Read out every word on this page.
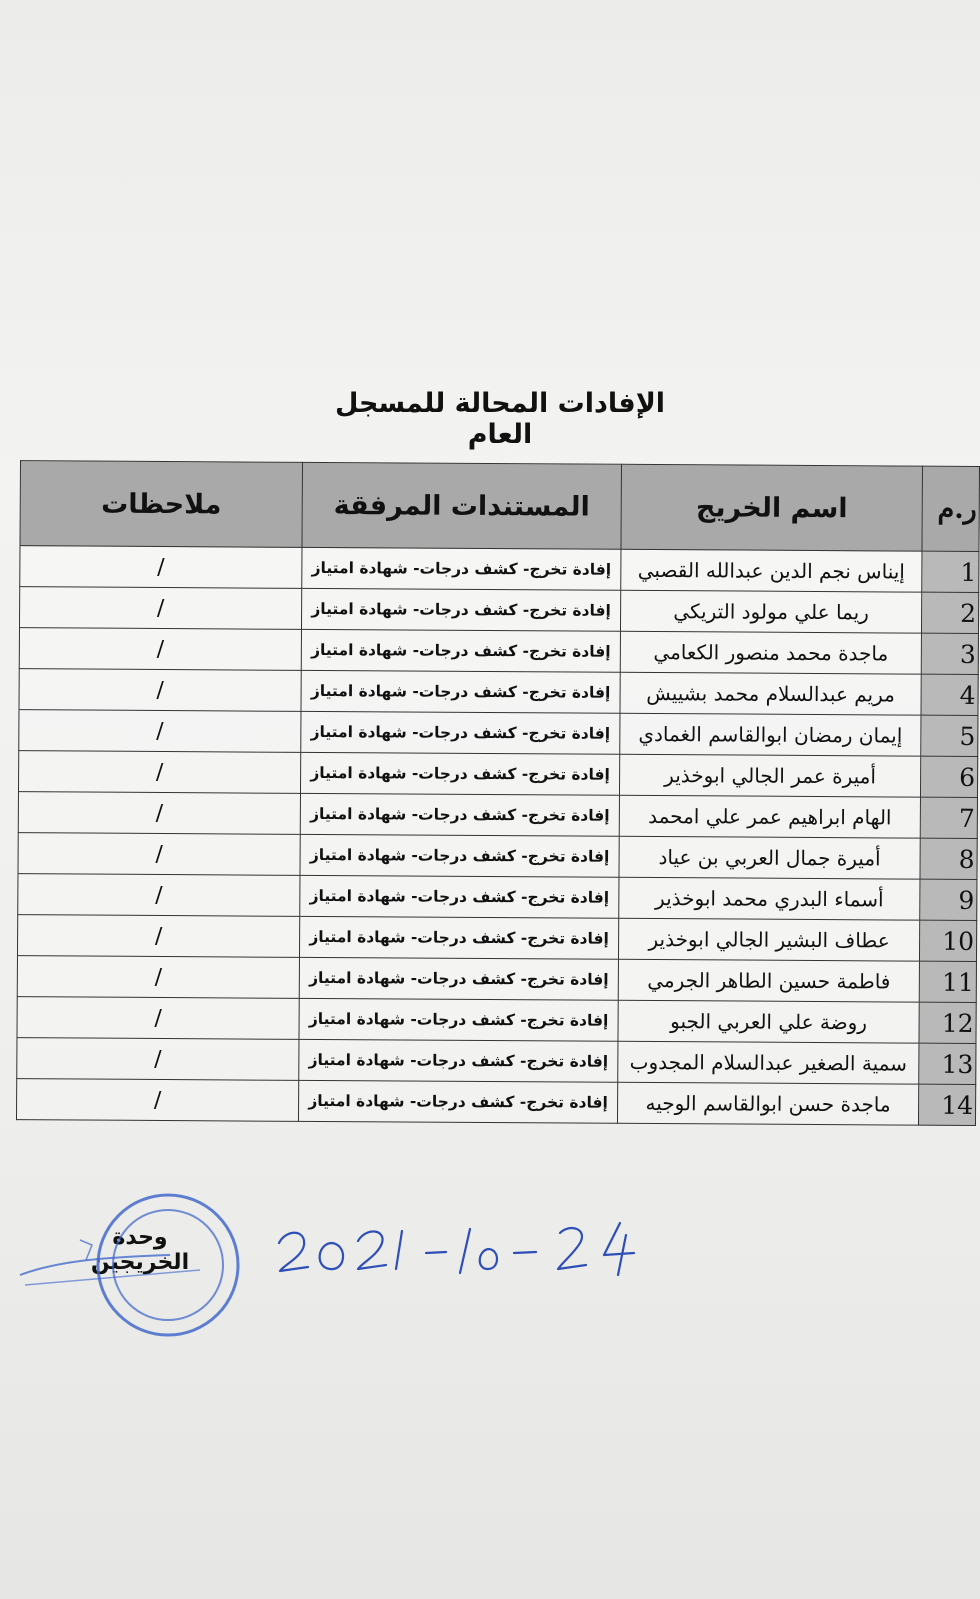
الإفادات المحالة للمسجل العام
ر.م	اسم الخريج	المستندات المرفقة	ملاحظات
1	إيناس نجم الدين عبدالله القصبي	إفادة تخرج- كشف درجات- شهادة امتياز	/
2	ريما علي مولود التريكي	إفادة تخرج- كشف درجات- شهادة امتياز	/
3	ماجدة محمد منصور الكعامي	إفادة تخرج- كشف درجات- شهادة امتياز	/
4	مريم عبدالسلام محمد بشييش	إفادة تخرج- كشف درجات- شهادة امتياز	/
5	إيمان رمضان ابوالقاسم الغمادي	إفادة تخرج- كشف درجات- شهادة امتياز	/
6	أميرة عمر الجالي ابوخذير	إفادة تخرج- كشف درجات- شهادة امتياز	/
7	الهام ابراهيم عمر علي امحمد	إفادة تخرج- كشف درجات- شهادة امتياز	/
8	أميرة جمال العربي بن عياد	إفادة تخرج- كشف درجات- شهادة امتياز	/
9	أسماء البدري محمد ابوخذير	إفادة تخرج- كشف درجات- شهادة امتياز	/
10	عطاف البشير الجالي ابوخذير	إفادة تخرج- كشف درجات- شهادة امتياز	/
11	فاطمة حسين الطاهر الجرمي	إفادة تخرج- كشف درجات- شهادة امتياز	/
12	روضة علي العربي الجبو	إفادة تخرج- كشف درجات- شهادة امتياز	/
13	سمية الصغير عبدالسلام المجدوب	إفادة تخرج- كشف درجات- شهادة امتياز	/
14	ماجدة حسن ابوالقاسم الوجيه	إفادة تخرج- كشف درجات- شهادة امتياز	/
وحدة الخريجين
